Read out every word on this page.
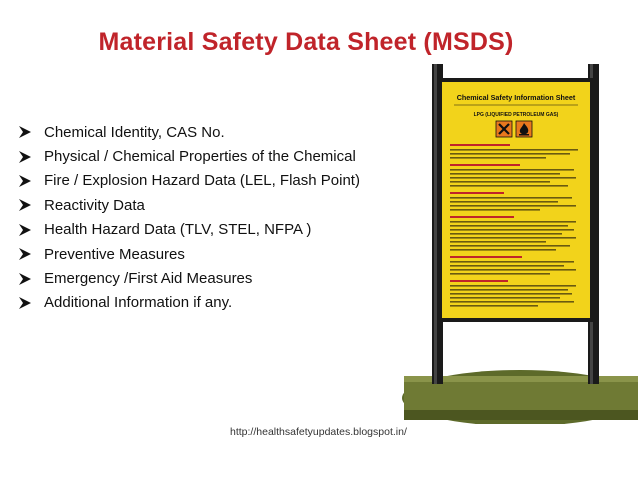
Material Safety Data Sheet (MSDS)
Chemical Identity, CAS No.
Physical / Chemical Properties of the Chemical
Fire / Explosion Hazard Data (LEL, Flash Point)
Reactivity Data
Health Hazard Data (TLV, STEL, NFPA )
Preventive Measures
Emergency /First Aid Measures
Additional Information if any.
Chemical Safety Information Sheet
LPG (LIQUIFIED PETROLEUM GAS)
http://healthsafetyupdates.blogspot.in/
